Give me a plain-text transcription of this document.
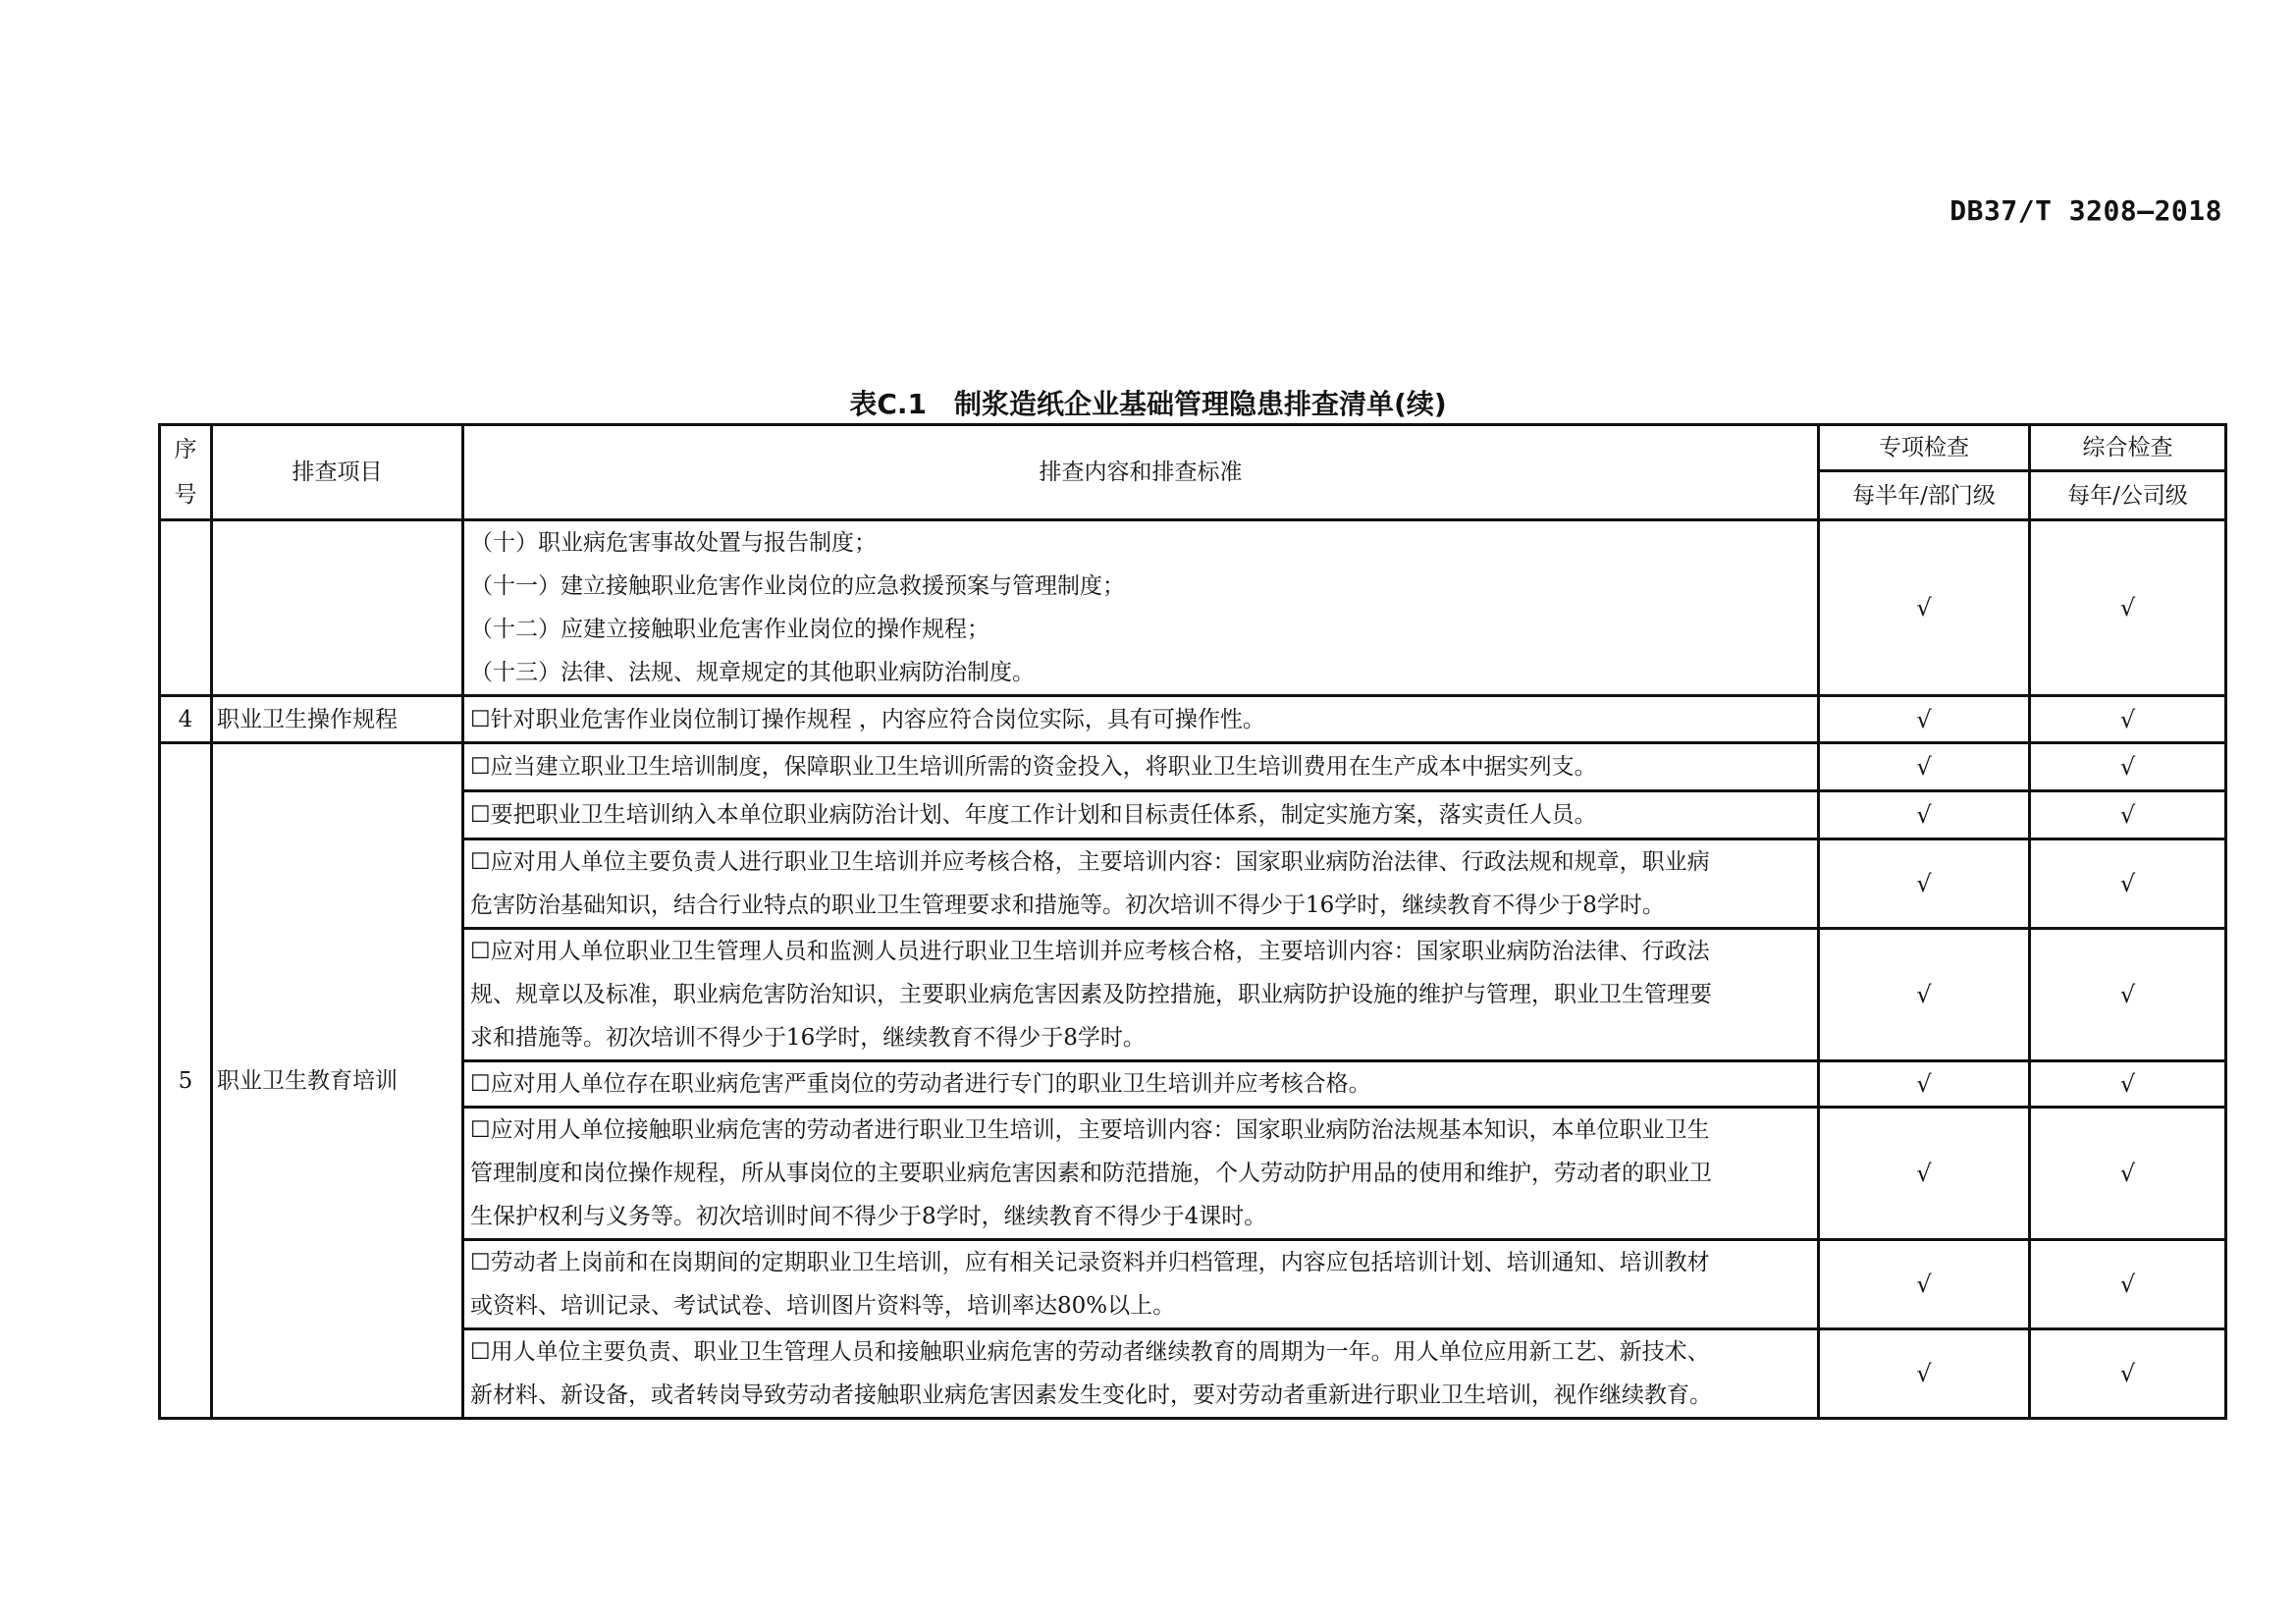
DB37/T 3208—2018
表C.1　制浆造纸企业基础管理隐患排查清单(续)
序
号	排查项目	排查内容和排查标准	专项检查	综合检查
			每半年/部门级	每年/公司级

		（十）职业病危害事故处置与报告制度；
（十一）建立接触职业危害作业岗位的应急救援预案与管理制度；
（十二）应建立接触职业危害作业岗位的操作规程；
（十三）法律、法规、规章规定的其他职业病防治制度。	√	√
4	职业卫生操作规程	☐针对职业危害作业岗位制订操作规程 ，内容应符合岗位实际，具有可操作性。	√	√
5	职业卫生教育培训	☐应当建立职业卫生培训制度，保障职业卫生培训所需的资金投入，将职业卫生培训费用在生产成本中据实列支。	√	√

		☐要把职业卫生培训纳入本单位职业病防治计划、年度工作计划和目标责任体系，制定实施方案，落实责任人员。	√	√

		☐应对用人单位主要负责人进行职业卫生培训并应考核合格，主要培训内容：国家职业病防治法律、行政法规和规章，职业病
危害防治基础知识，结合行业特点的职业卫生管理要求和措施等。初次培训不得少于16学时，继续教育不得少于8学时。	√	√

		☐应对用人单位职业卫生管理人员和监测人员进行职业卫生培训并应考核合格，主要培训内容：国家职业病防治法律、行政法
规、规章以及标准，职业病危害防治知识，主要职业病危害因素及防控措施，职业病防护设施的维护与管理，职业卫生管理要
求和措施等。初次培训不得少于16学时，继续教育不得少于8学时。	√	√

		☐应对用人单位存在职业病危害严重岗位的劳动者进行专门的职业卫生培训并应考核合格。	√	√

		☐应对用人单位接触职业病危害的劳动者进行职业卫生培训，主要培训内容：国家职业病防治法规基本知识，本单位职业卫生
管理制度和岗位操作规程，所从事岗位的主要职业病危害因素和防范措施，个人劳动防护用品的使用和维护，劳动者的职业卫
生保护权利与义务等。初次培训时间不得少于8学时，继续教育不得少于4课时。	√	√

		☐劳动者上岗前和在岗期间的定期职业卫生培训，应有相关记录资料并归档管理，内容应包括培训计划、培训通知、培训教材
或资料、培训记录、考试试卷、培训图片资料等，培训率达80%以上。	√	√

		☐用人单位主要负责、职业卫生管理人员和接触职业病危害的劳动者继续教育的周期为一年。用人单位应用新工艺、新技术、
新材料、新设备，或者转岗导致劳动者接触职业病危害因素发生变化时，要对劳动者重新进行职业卫生培训，视作继续教育。	√	√
